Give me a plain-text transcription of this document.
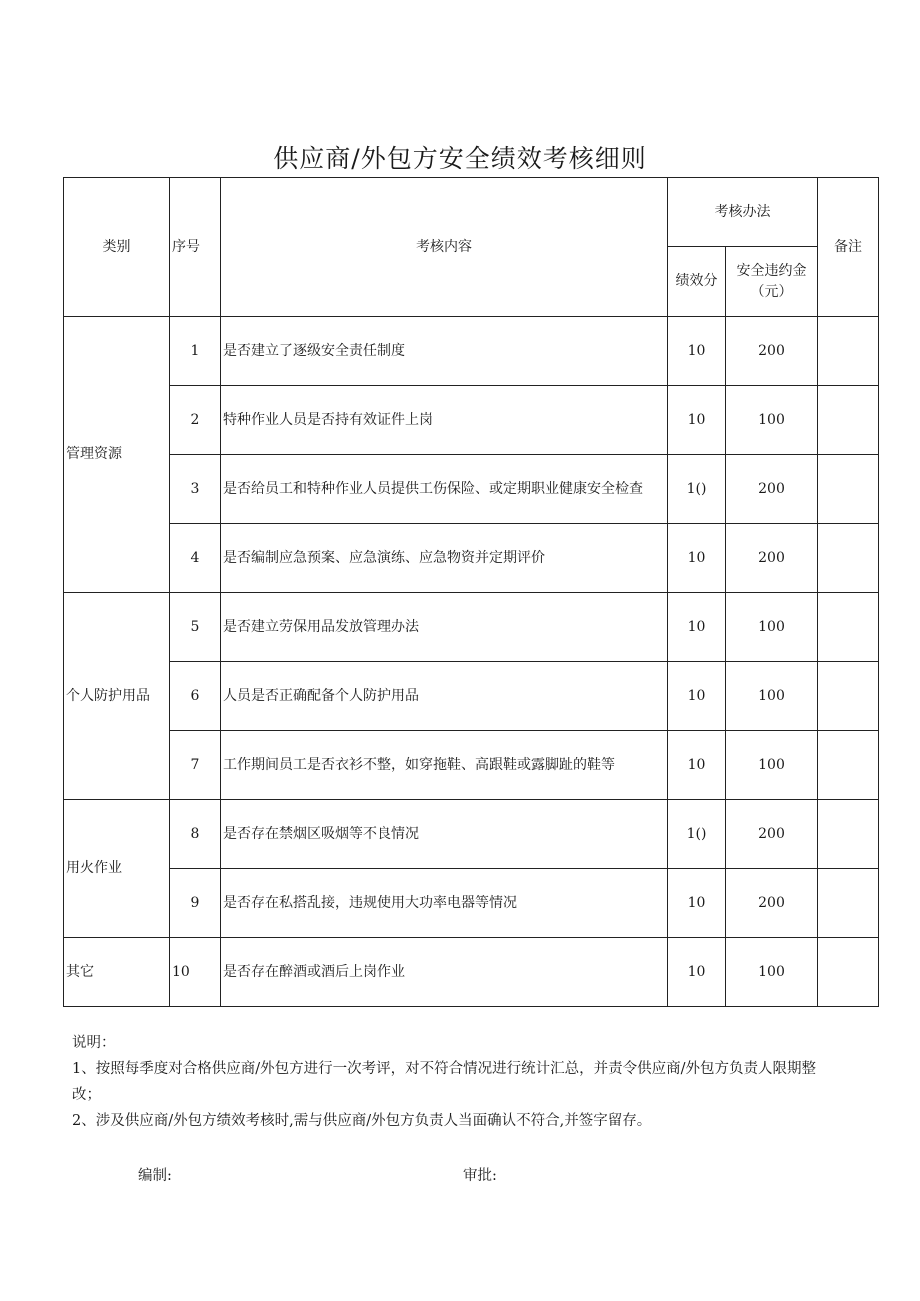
供应商/外包方安全绩效考核细则
类别	序号	考核内容	考核办法		备注
			绩效分	安全违约金（元）	
管理资源	1	是否建立了逐级安全责任制度	10	200	
	2	特种作业人员是否持有效证件上岗	10	100	
	3	是否给员工和特种作业人员提供工伤保险、或定期职业健康安全检查	1()	200	
	4	是否编制应急预案、应急演练、应急物资并定期评价	10	200	
个人防护用品	5	是否建立劳保用品发放管理办法	10	100	
	6	人员是否正确配备个人防护用品	10	100	
	7	工作期间员工是否衣衫不整，如穿拖鞋、高跟鞋或露脚趾的鞋等	10	100	
用火作业	8	是否存在禁烟区吸烟等不良情况	1()	200	
	9	是否存在私搭乱接，违规使用大功率电器等情况	10	200	
其它	10	是否存在醉酒或酒后上岗作业	10	100	
说明：
1、按照每季度对合格供应商/外包方进行一次考评，对不符合情况进行统计汇总，并责令供应商/外包方负责人限期整
改；
2、涉及供应商/外包方绩效考核时,需与供应商/外包方负责人当面确认不符合,并签字留存。
编制:	审批:
